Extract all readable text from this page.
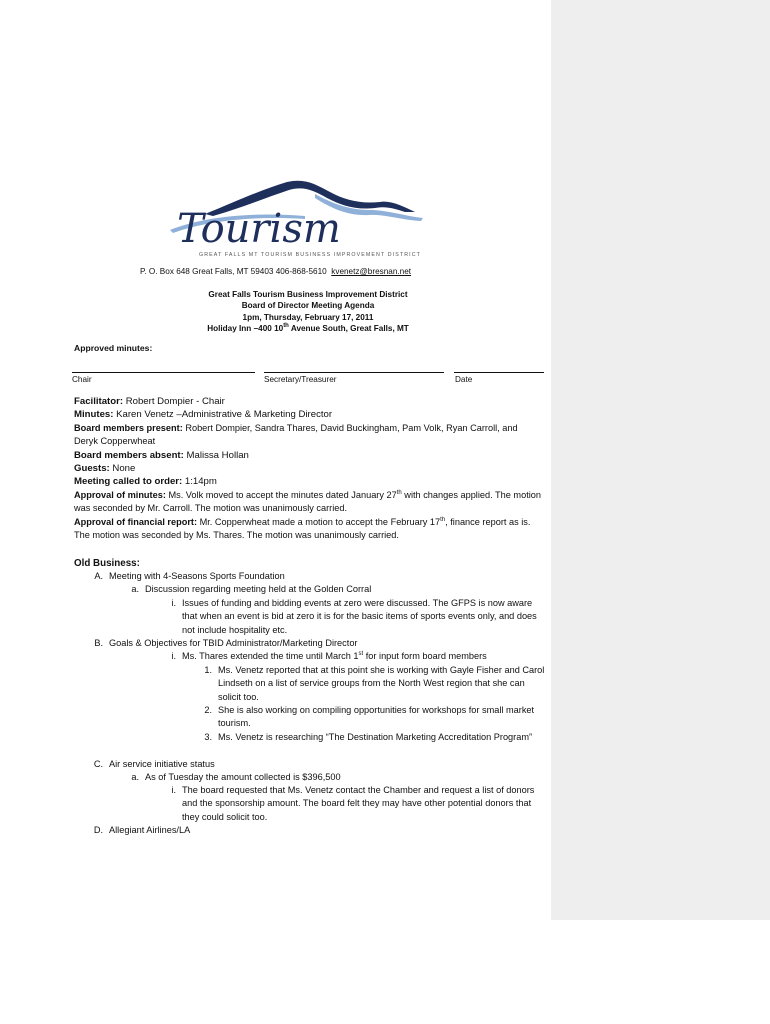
Tourism
GREAT FALLS MT TOURISM BUSINESS IMPROVEMENT DISTRICT
P. O. Box 648 Great Falls, MT 59403 406-868-5610 kvenetz@bresnan.net
Great Falls Tourism Business Improvement District
Board of Director Meeting Agenda
1pm, Thursday, February 17, 2011
Holiday Inn –400 10th Avenue South, Great Falls, MT
Approved minutes:
Chair	Secretary/Treasurer	Date

Facilitator: Robert Dompier - Chair

Minutes: Karen Venetz –Administrative & Marketing Director

Board members present: Robert Dompier, Sandra Thares, David Buckingham, Pam Volk, Ryan Carroll, and Deryk Copperwheat

Board members absent: Malissa Hollan

Guests: None

Meeting called to order: 1:14pm

Approval of minutes: Ms. Volk moved to accept the minutes dated January 27th with changes applied. The motion was seconded by Mr. Carroll. The motion was unanimously carried.

Approval of financial report: Mr. Copperwheat made a motion to accept the February 17th, finance report as is. The motion was seconded by Ms. Thares. The motion was unanimously carried.

Old Business:
A. Meeting with 4-Seasons Sports Foundation
a. Discussion regarding meeting held at the Golden Corral
i. Issues of funding and bidding events at zero were discussed. The GFPS is now aware that when an event is bid at zero it is for the basic items of sports events only, and does not include hospitality etc.
B. Goals & Objectives for TBID Administrator/Marketing Director
i. Ms. Thares extended the time until March 1st for input form board members
1. Ms. Venetz reported that at this point she is working with Gayle Fisher and Carol Lindseth on a list of service groups from the North West region that she can solicit too.
2. She is also working on compiling opportunities for workshops for small market tourism.
3. Ms. Venetz is researching “The Destination Marketing Accreditation Program”
C. Air service initiative status
a. As of Tuesday the amount collected is $396,500
i. The board requested that Ms. Venetz contact the Chamber and request a list of donors and the sponsorship amount. The board felt they may have other potential donors that they could solicit too.
D. Allegiant Airlines/LA
